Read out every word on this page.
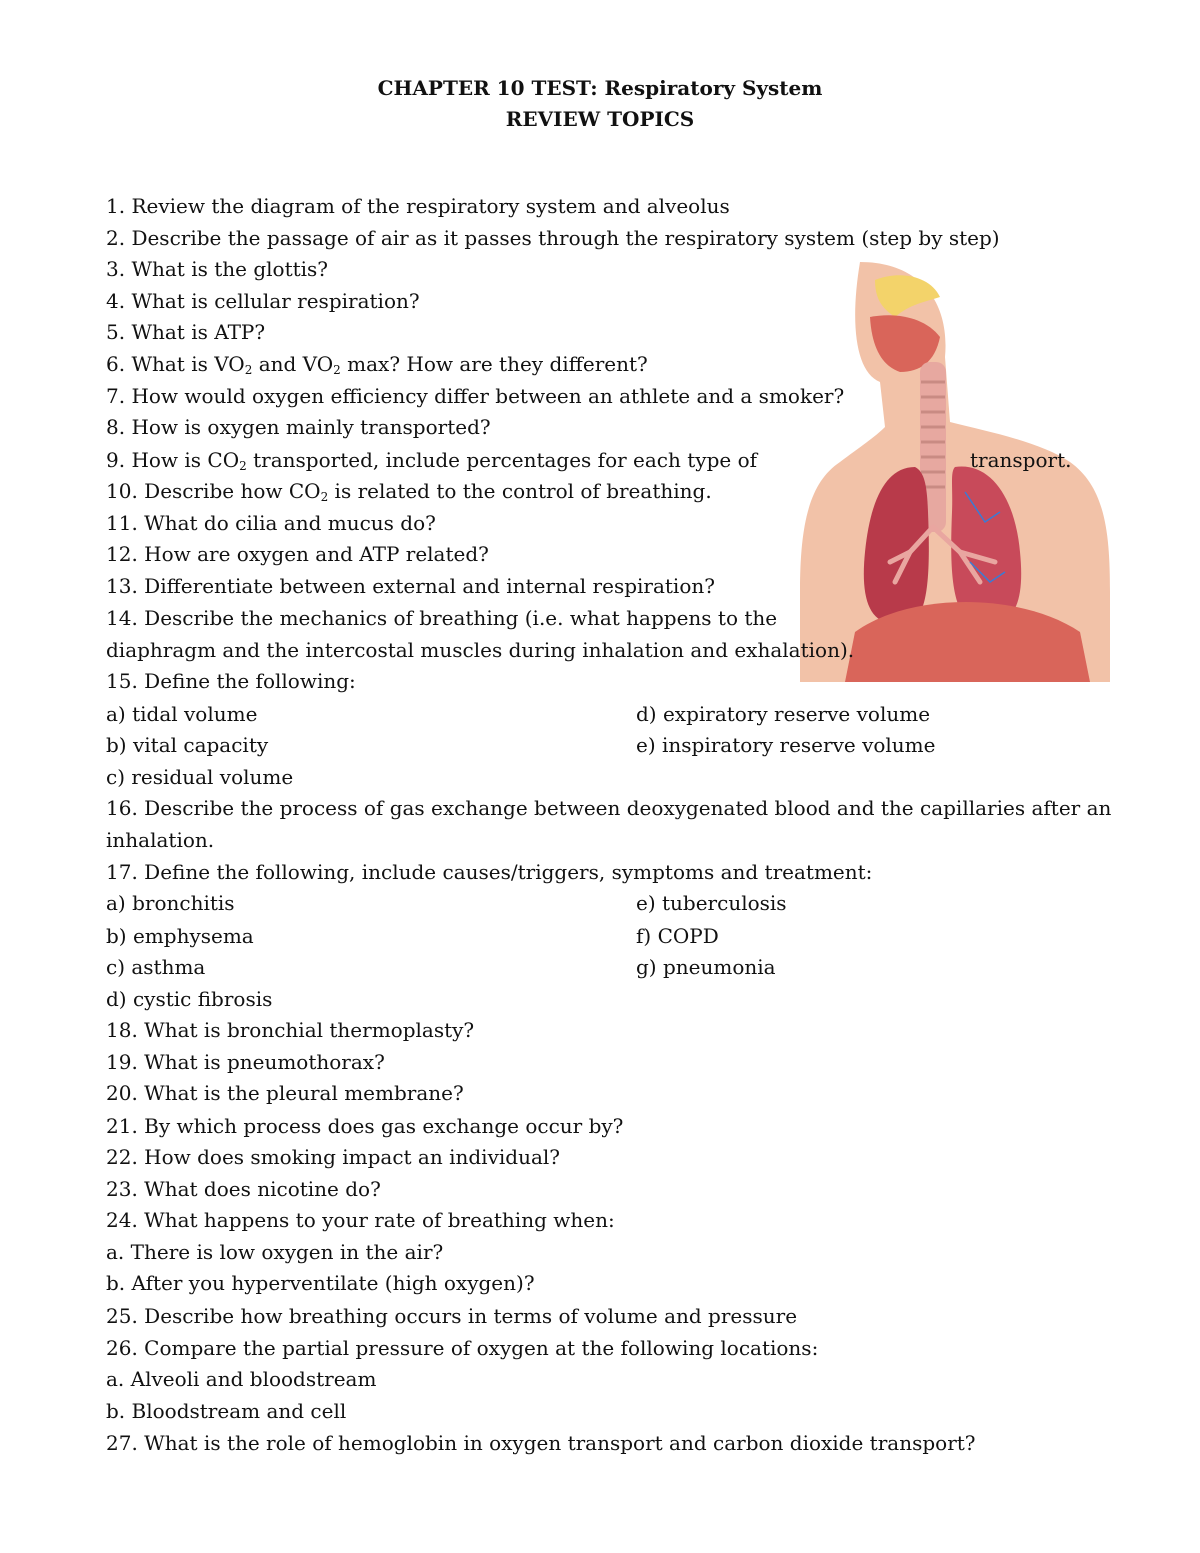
CHAPTER 10 TEST: Respiratory System
REVIEW TOPICS
1. Review the diagram of the respiratory system and alveolus
2. Describe the passage of air as it passes through the respiratory system (step by step)
3. What is the glottis?
4. What is cellular respiration?
5. What is ATP?
6. What is $VO_2$ and $VO_2$ max? How are they different?
7. How would oxygen efficiency differ between an athlete and a smoker?
8. How is oxygen mainly transported?
9. How is $CO_2$ transported, include percentages for each type of	transport.
10. Describe how $CO_2$ is related to the control of breathing.
11. What do cilia and mucus do?
12. How are oxygen and ATP related?
13. Differentiate between external and internal respiration?
14. Describe the mechanics of breathing (i.e. what happens to the
diaphragm and the intercostal muscles during inhalation and exhalation).
15. Define the following:
a) tidal volume	d) expiratory reserve volume
b) vital capacity	e) inspiratory reserve volume
c) residual volume
16. Describe the process of gas exchange between deoxygenated blood and the capillaries after an
inhalation.
17. Define the following, include causes/triggers, symptoms and treatment:
a) bronchitis	e) tuberculosis
b) emphysema	f) COPD
c) asthma	g) pneumonia
d) cystic fibrosis
18. What is bronchial thermoplasty?
19. What is pneumothorax?
20. What is the pleural membrane?
21. By which process does gas exchange occur by?
22. How does smoking impact an individual?
23. What does nicotine do?
24. What happens to your rate of breathing when:
a. There is low oxygen in the air?
b. After you hyperventilate (high oxygen)?
25. Describe how breathing occurs in terms of volume and pressure
26. Compare the partial pressure of oxygen at the following locations:
a. Alveoli and bloodstream
b. Bloodstream and cell
27. What is the role of hemoglobin in oxygen transport and carbon dioxide transport?
